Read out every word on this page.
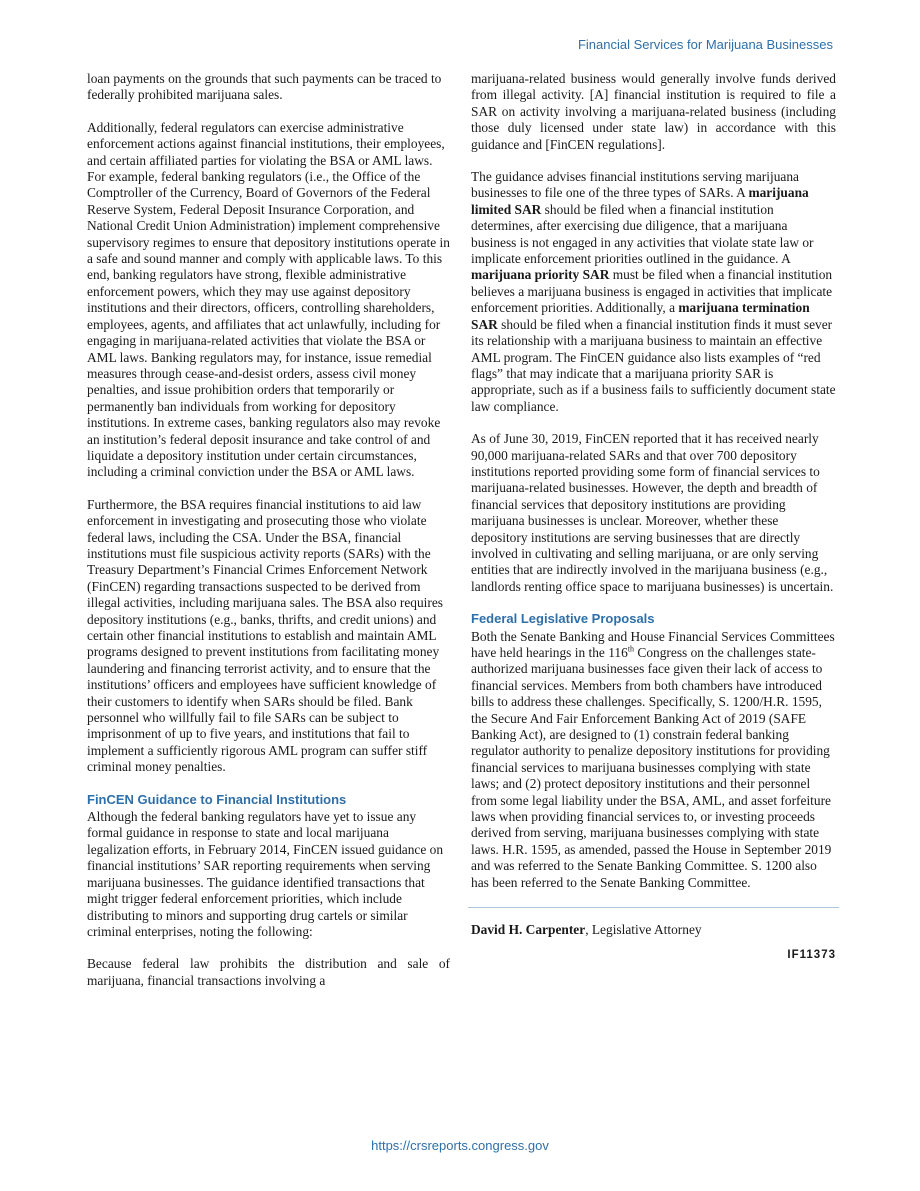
Financial Services for Marijuana Businesses

loan payments on the grounds that such payments can be traced to federally prohibited marijuana sales.

Additionally, federal regulators can exercise administrative enforcement actions against financial institutions, their employees, and certain affiliated parties for violating the BSA or AML laws. For example, federal banking regulators (i.e., the Office of the Comptroller of the Currency, Board of Governors of the Federal Reserve System, Federal Deposit Insurance Corporation, and National Credit Union Administration) implement comprehensive supervisory regimes to ensure that depository institutions operate in a safe and sound manner and comply with applicable laws. To this end, banking regulators have strong, flexible administrative enforcement powers, which they may use against depository institutions and their directors, officers, controlling shareholders, employees, agents, and affiliates that act unlawfully, including for engaging in marijuana-related activities that violate the BSA or AML laws. Banking regulators may, for instance, issue remedial measures through cease-and-desist orders, assess civil money penalties, and issue prohibition orders that temporarily or permanently ban individuals from working for depository institutions. In extreme cases, banking regulators also may revoke an institution’s federal deposit insurance and take control of and liquidate a depository institution under certain circumstances, including a criminal conviction under the BSA or AML laws.

Furthermore, the BSA requires financial institutions to aid law enforcement in investigating and prosecuting those who violate federal laws, including the CSA. Under the BSA, financial institutions must file suspicious activity reports (SARs) with the Treasury Department’s Financial Crimes Enforcement Network (FinCEN) regarding transactions suspected to be derived from illegal activities, including marijuana sales. The BSA also requires depository institutions (e.g., banks, thrifts, and credit unions) and certain other financial institutions to establish and maintain AML programs designed to prevent institutions from facilitating money laundering and financing terrorist activity, and to ensure that the institutions’ officers and employees have sufficient knowledge of their customers to identify when SARs should be filed. Bank personnel who willfully fail to file SARs can be subject to imprisonment of up to five years, and institutions that fail to implement a sufficiently rigorous AML program can suffer stiff criminal money penalties.

FinCEN Guidance to Financial Institutions

Although the federal banking regulators have yet to issue any formal guidance in response to state and local marijuana legalization efforts, in February 2014, FinCEN issued guidance on financial institutions’ SAR reporting requirements when serving marijuana businesses. The guidance identified transactions that might trigger federal enforcement priorities, which include distributing to minors and supporting drug cartels or similar criminal enterprises, noting the following:

Because federal law prohibits the distribution and sale of marijuana, financial transactions involving a

marijuana-related business would generally involve funds derived from illegal activity. [A] financial institution is required to file a SAR on activity involving a marijuana-related business (including those duly licensed under state law) in accordance with this guidance and [FinCEN regulations].

The guidance advises financial institutions serving marijuana businesses to file one of the three types of SARs. A marijuana limited SAR should be filed when a financial institution determines, after exercising due diligence, that a marijuana business is not engaged in any activities that violate state law or implicate enforcement priorities outlined in the guidance. A marijuana priority SAR must be filed when a financial institution believes a marijuana business is engaged in activities that implicate enforcement priorities. Additionally, a marijuana termination SAR should be filed when a financial institution finds it must sever its relationship with a marijuana business to maintain an effective AML program. The FinCEN guidance also lists examples of “red flags” that may indicate that a marijuana priority SAR is appropriate, such as if a business fails to sufficiently document state law compliance.

As of June 30, 2019, FinCEN reported that it has received nearly 90,000 marijuana-related SARs and that over 700 depository institutions reported providing some form of financial services to marijuana-related businesses. However, the depth and breadth of financial services that depository institutions are providing marijuana businesses is unclear. Moreover, whether these depository institutions are serving businesses that are directly involved in cultivating and selling marijuana, or are only serving entities that are indirectly involved in the marijuana business (e.g., landlords renting office space to marijuana businesses) is uncertain.

Federal Legislative Proposals

Both the Senate Banking and House Financial Services Committees have held hearings in the 116th Congress on the challenges state-authorized marijuana businesses face given their lack of access to financial services. Members from both chambers have introduced bills to address these challenges. Specifically, S. 1200/H.R. 1595, the Secure And Fair Enforcement Banking Act of 2019 (SAFE Banking Act), are designed to (1) constrain federal banking regulator authority to penalize depository institutions for providing financial services to marijuana businesses complying with state laws; and (2) protect depository institutions and their personnel from some legal liability under the BSA, AML, and asset forfeiture laws when providing financial services to, or investing proceeds derived from serving, marijuana businesses complying with state laws. H.R. 1595, as amended, passed the House in September 2019 and was referred to the Senate Banking Committee. S. 1200 also has been referred to the Senate Banking Committee.

David H. Carpenter, Legislative Attorney
IF11373
https://crsreports.congress.gov
